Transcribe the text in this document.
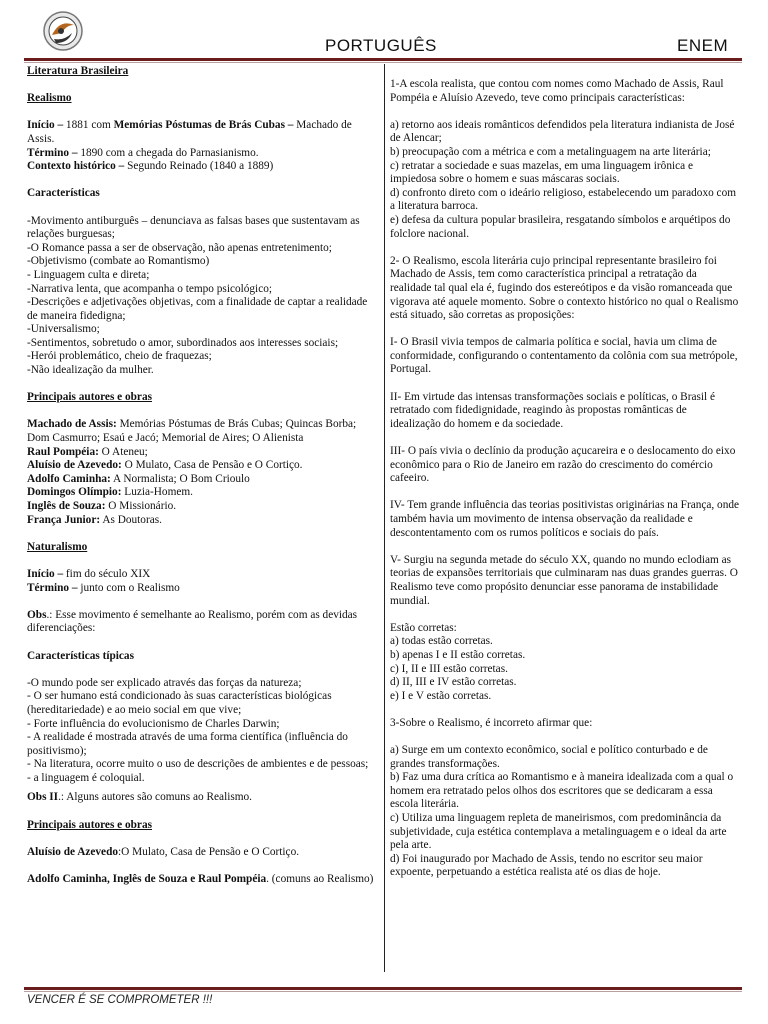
PORTUGUÊS	ENEM

Literatura Brasileira

Realismo

Início – 1881 com Memórias Póstumas de Brás Cubas – Machado de Assis.

Término – 1890 com a chegada do Parnasianismo.

Contexto histórico – Segundo Reinado (1840 a 1889)

Características

-Movimento antiburguês – denunciava as falsas bases que sustentavam as relações burguesas;
-O Romance passa a ser de observação, não apenas entretenimento;
-Objetivismo (combate ao Romantismo)
- Linguagem culta e direta;
-Narrativa lenta, que acompanha o tempo psicológico;
-Descrições e adjetivações objetivas, com a finalidade de captar a realidade de maneira fidedigna;
-Universalismo;
-Sentimentos, sobretudo o amor, subordinados aos interesses sociais;
-Herói problemático, cheio de fraquezas;
-Não idealização da mulher.

Principais autores e obras

Machado de Assis: Memórias Póstumas de Brás Cubas; Quincas Borba; Dom Casmurro; Esaú e Jacó; Memorial de Aires; O Alienista
Raul Pompéia: O Ateneu;
Aluísio de Azevedo: O Mulato, Casa de Pensão e O Cortiço.
Adolfo Caminha: A Normalista; O Bom Crioulo
Domingos Olímpio: Luzia-Homem.
Inglês de Souza: O Missionário.
França Junior: As Doutoras.

Naturalismo

Início – fim do século XIX

Término – junto com o Realismo

Obs.: Esse movimento é semelhante ao Realismo, porém com as devidas diferenciações:

Características típicas

-O mundo pode ser explicado através das forças da natureza;
- O ser humano está condicionado às suas características biológicas (hereditariedade) e ao meio social em que vive;
- Forte influência do evolucionismo de Charles Darwin;
- A realidade é mostrada através de uma forma científica (influência do positivismo);
- Na literatura, ocorre muito o uso de descrições de ambientes e de pessoas;
- a linguagem é coloquial.

Obs II.: Alguns autores são comuns ao Realismo.

Principais autores e obras

Aluísio de Azevedo:O Mulato, Casa de Pensão e O Cortiço.

Adolfo Caminha, Inglês de Souza e Raul Pompéia. (comuns ao Realismo)

1-A escola realista, que contou com nomes como Machado de Assis, Raul Pompéia e Aluísio Azevedo, teve como principais características:

a) retorno aos ideais românticos defendidos pela literatura indianista de José de Alencar;
b) preocupação com a métrica e com a metalinguagem na arte literária;
c) retratar a sociedade e suas mazelas, em uma linguagem irônica e impiedosa sobre o homem e suas máscaras sociais.
d) confronto direto com o ideário religioso, estabelecendo um paradoxo com a literatura barroca.
e) defesa da cultura popular brasileira, resgatando símbolos e arquétipos do folclore nacional.

2- O Realismo, escola literária cujo principal representante brasileiro foi Machado de Assis, tem como característica principal a retratação da realidade tal qual ela é, fugindo dos estereótipos e da visão romanceada que vigorava até aquele momento. Sobre o contexto histórico no qual o Realismo está situado, são corretas as proposições:

I- O Brasil vivia tempos de calmaria política e social, havia um clima de conformidade, configurando o contentamento da colônia com sua metrópole, Portugal.

II- Em virtude das intensas transformações sociais e políticas, o Brasil é retratado com fidedignidade, reagindo às propostas românticas de idealização do homem e da sociedade.

III- O país vivia o declínio da produção açucareira e o deslocamento do eixo econômico para o Rio de Janeiro em razão do crescimento do comércio cafeeiro.

IV- Tem grande influência das teorias positivistas originárias na França, onde também havia um movimento de intensa observação da realidade e descontentamento com os rumos políticos e sociais do país.

V- Surgiu na segunda metade do século XX, quando no mundo eclodiam as teorias de expansões territoriais que culminaram nas duas grandes guerras. O Realismo teve como propósito denunciar esse panorama de instabilidade mundial.

Estão corretas:
a) todas estão corretas.
b) apenas I e II estão corretas.
c) I, II e III estão corretas.
d) II, III e IV estão corretas.
e) I e V estão corretas.

3-Sobre o Realismo, é incorreto afirmar que:

a) Surge em um contexto econômico, social e político conturbado e de grandes transformações.
b) Faz uma dura crítica ao Romantismo e à maneira idealizada com a qual o homem era retratado pelos olhos dos escritores que se dedicaram a essa escola literária.
c) Utiliza uma linguagem repleta de maneirismos, com predominância da subjetividade, cuja estética contemplava a metalinguagem e o ideal da arte pela arte.
d) Foi inaugurado por Machado de Assis, tendo no escritor seu maior expoente, perpetuando a estética realista até os dias de hoje.

VENCER É SE COMPROMETER !!!
